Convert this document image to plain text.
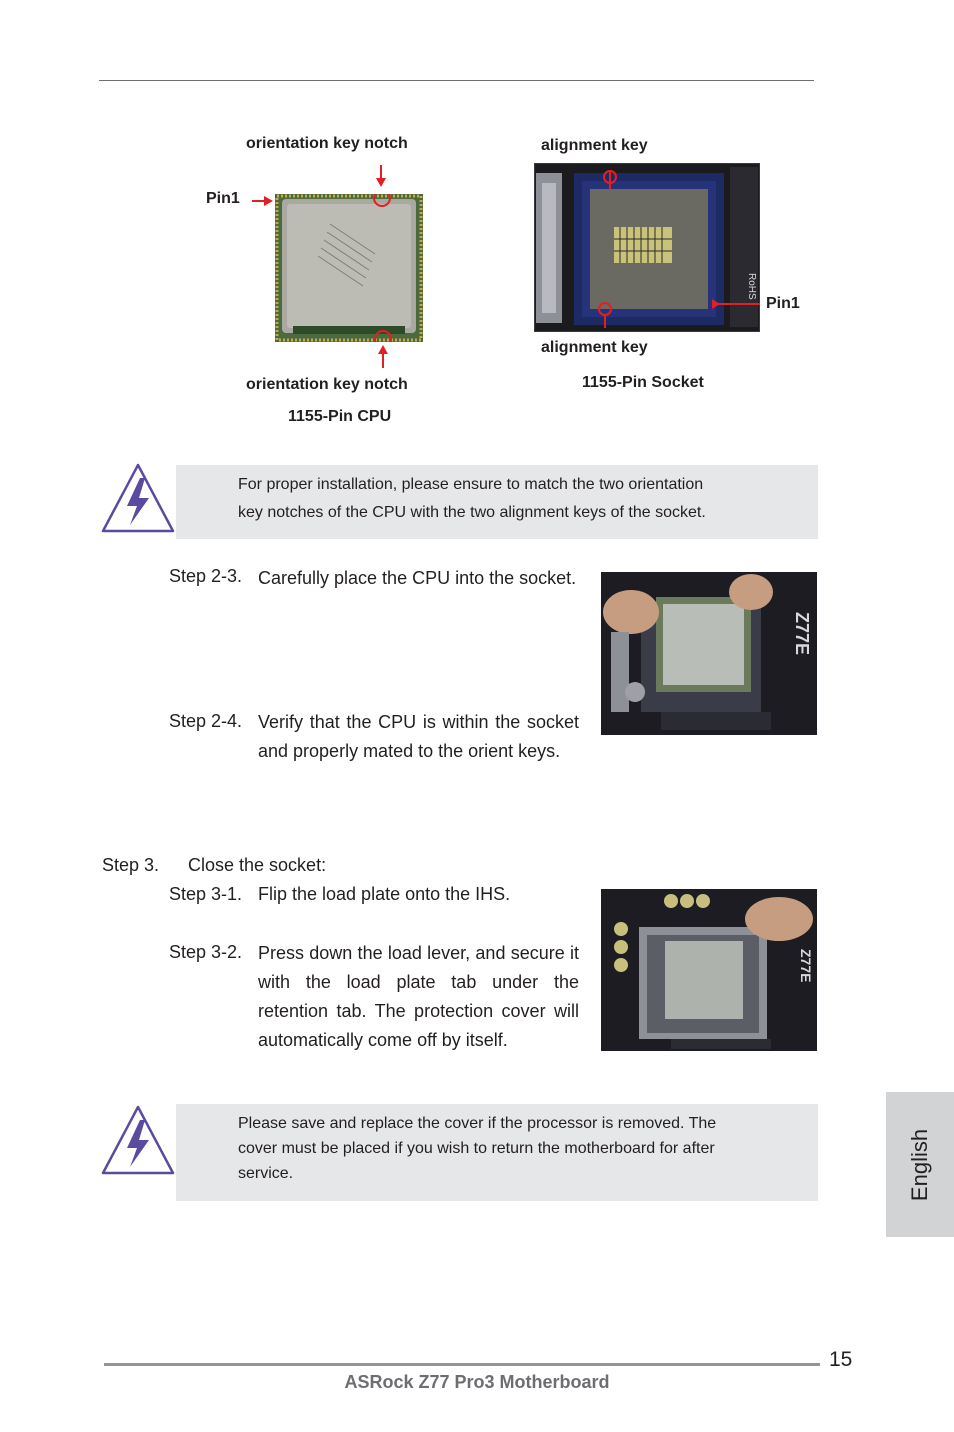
orientation key notch
Pin1
orientation key notch
1155-Pin CPU
alignment key
RoHS
Pin1
alignment key
1155-Pin Socket
For proper installation, please ensure to match the two orientation
key notches of the CPU with the two alignment keys of the socket.
Step 2-3. Carefully place the CPU into the socket.
Z77E
Step 2-4. Verify that the CPU is within the socket and properly mated to the orient keys.
Step 3. Close the socket:
Step 3-1. Flip the load plate onto the IHS.
Z77E
Step 3-2. Press down the load lever, and secure it with the load plate tab under the retention tab. The protection cover will automatically come off by itself.
Please save and replace the cover if the processor is removed. The
cover must be placed if you wish to return the motherboard for after
service.	English
15
ASRock Z77 Pro3 Motherboard
